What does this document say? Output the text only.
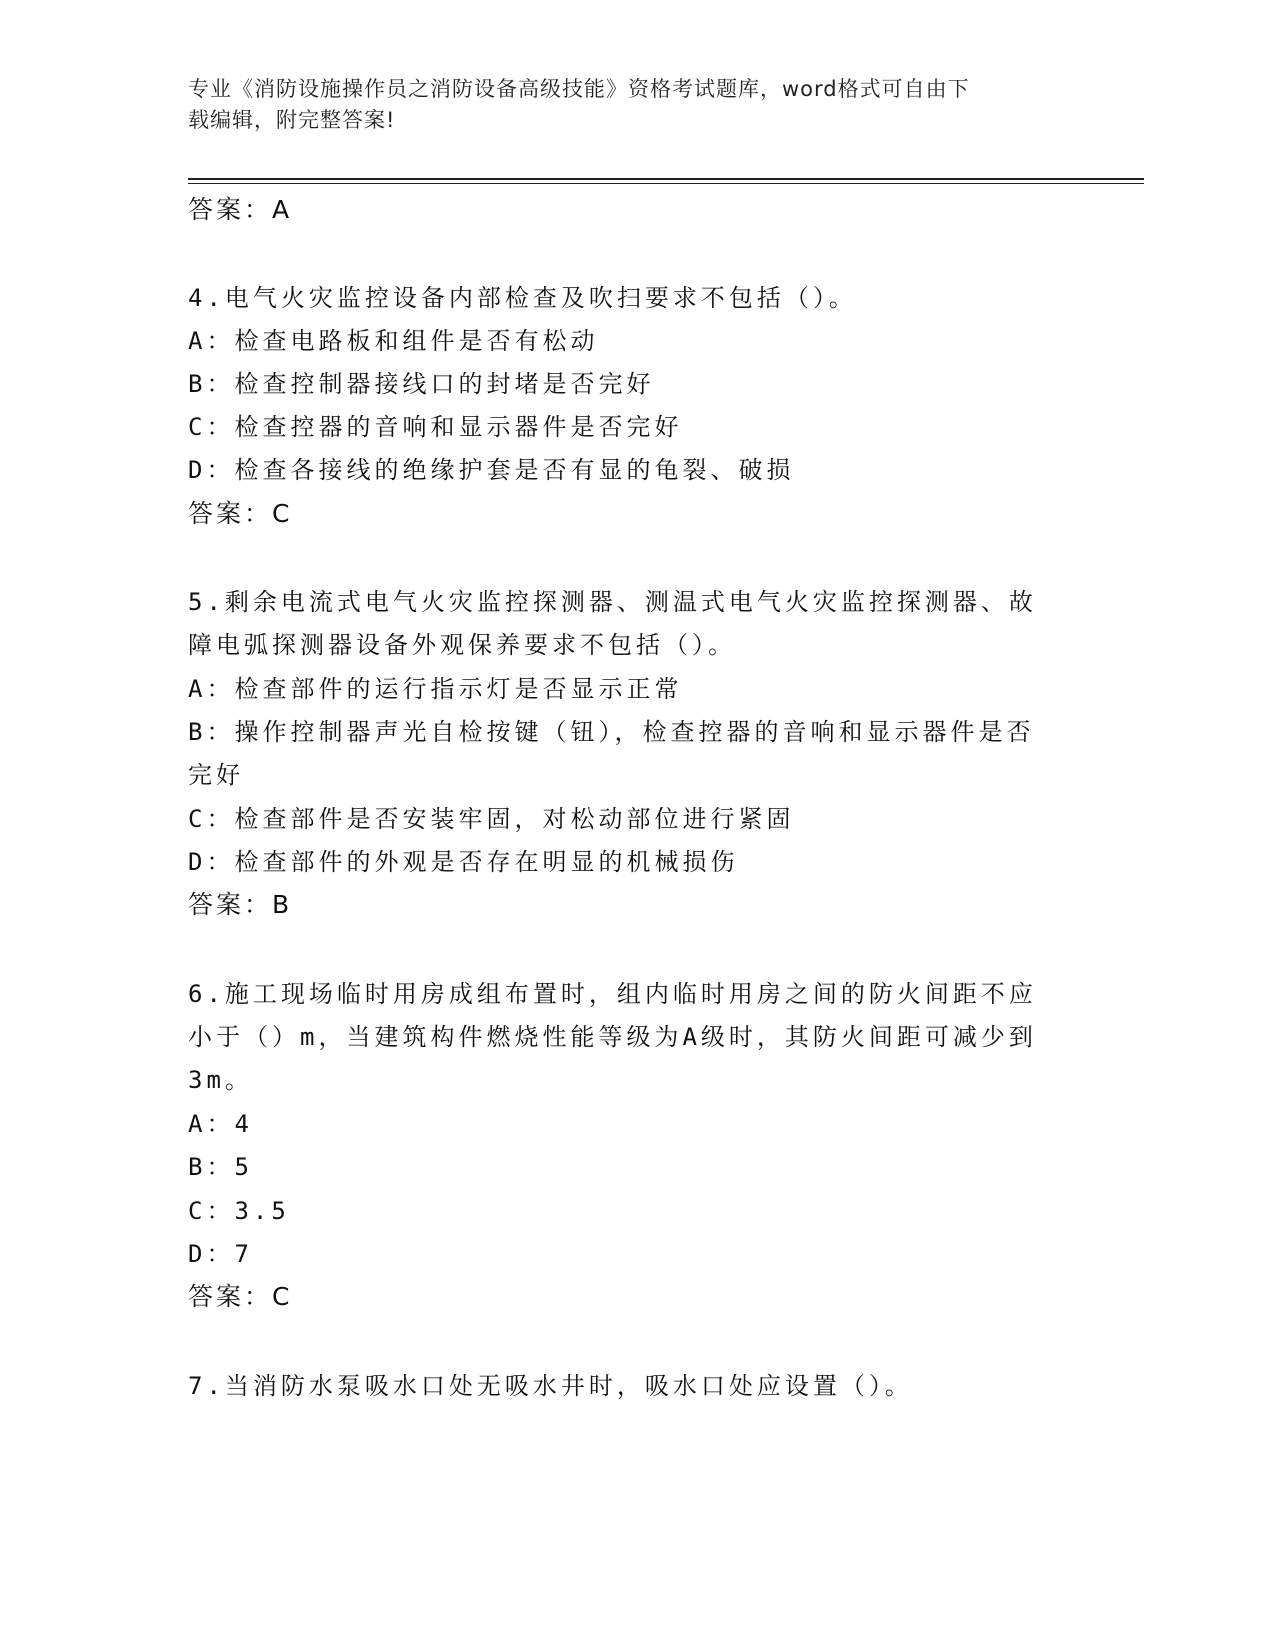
专业《消防设施操作员之消防设备高级技能》资格考试题库，word格式可自由下
载编辑，附完整答案!
答案：A
4.电气火灾监控设备内部检查及吹扫要求不包括（）。
A：检查电路板和组件是否有松动
B：检查控制器接线口的封堵是否完好
C：检查控器的音响和显示器件是否完好
D：检查各接线的绝缘护套是否有显的龟裂、破损
答案：C
5.剩余电流式电气火灾监控探测器、测温式电气火灾监控探测器、故
障电弧探测器设备外观保养要求不包括（）。
A：检查部件的运行指示灯是否显示正常
B：操作控制器声光自检按键（钮），检查控器的音响和显示器件是否
完好
C：检查部件是否安装牢固，对松动部位进行紧固
D：检查部件的外观是否存在明显的机械损伤
答案：B
6.施工现场临时用房成组布置时，组内临时用房之间的防火间距不应
小于（）m，当建筑构件燃烧性能等级为A级时，其防火间距可减少到
3m。
A：4
B：5
C：3.5
D：7
答案：C
7.当消防水泵吸水口处无吸水井时，吸水口处应设置（）。
